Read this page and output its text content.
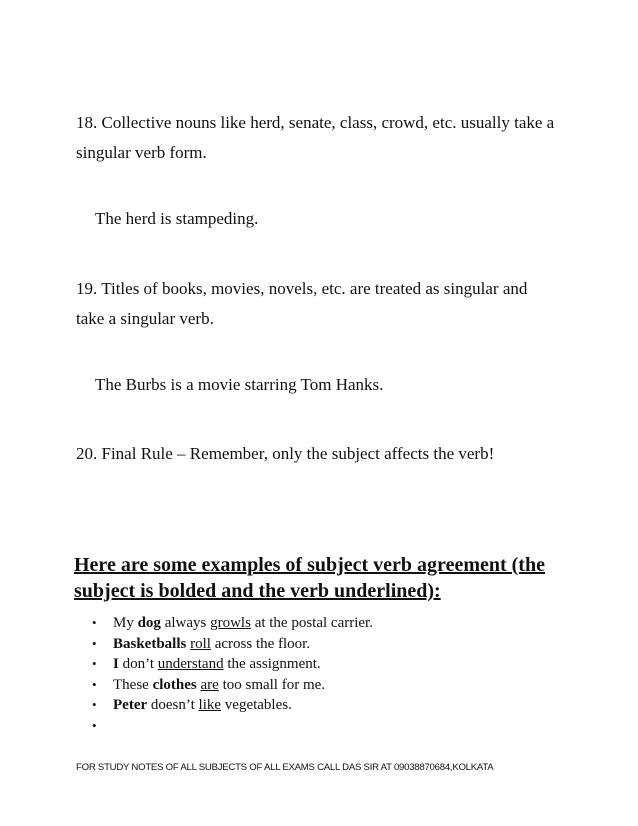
18. Collective nouns like herd, senate, class, crowd, etc. usually take a singular verb form.
The herd is stampeding.
19. Titles of books, movies, novels, etc. are treated as singular and take a singular verb.
The Burbs is a movie starring Tom Hanks.
20. Final Rule – Remember, only the subject affects the verb!
Here are some examples of subject verb agreement (the subject is bolded and the verb underlined):
• My dog always growls at the postal carrier.
• Basketballs roll across the floor.
• I don’t understand the assignment.
• These clothes are too small for me.
• Peter doesn’t like vegetables.
•
FOR STUDY NOTES OF ALL SUBJECTS OF ALL EXAMS CALL DAS SIR AT 09038870684,KOLKATA
